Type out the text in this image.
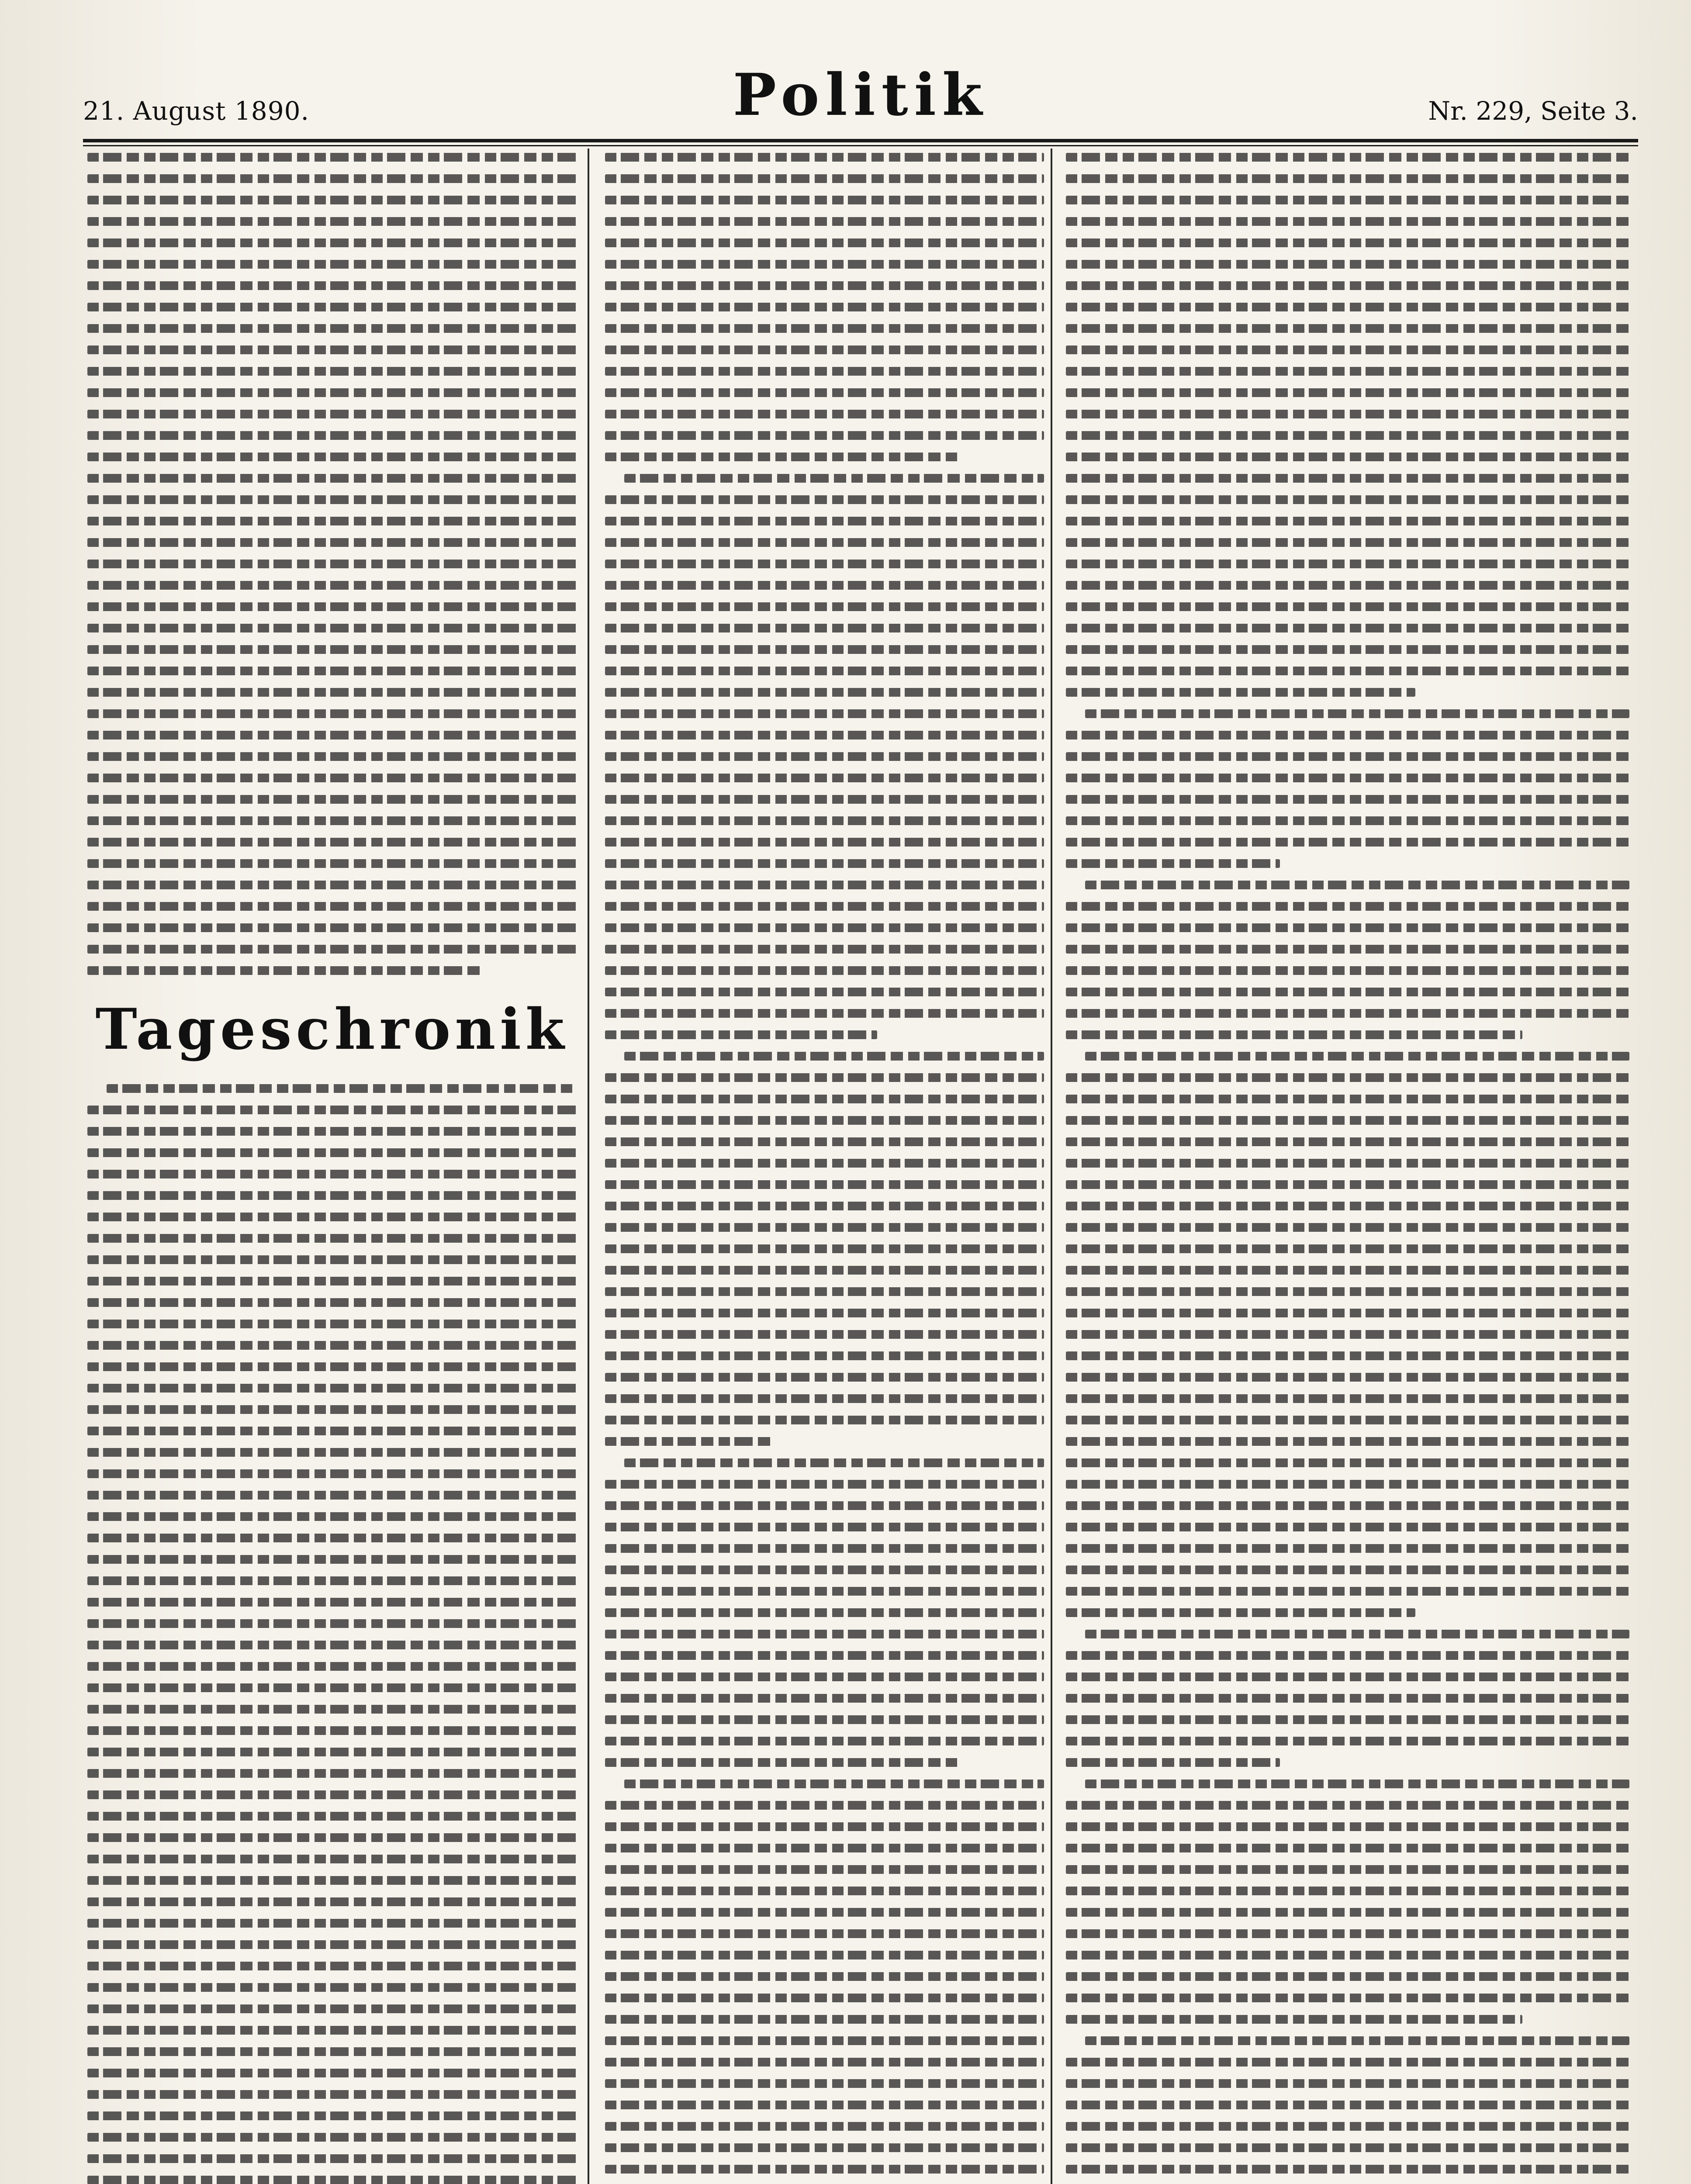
21. August 1890.	Politik	Nr. 229, Seite 3.
Tageschronik
